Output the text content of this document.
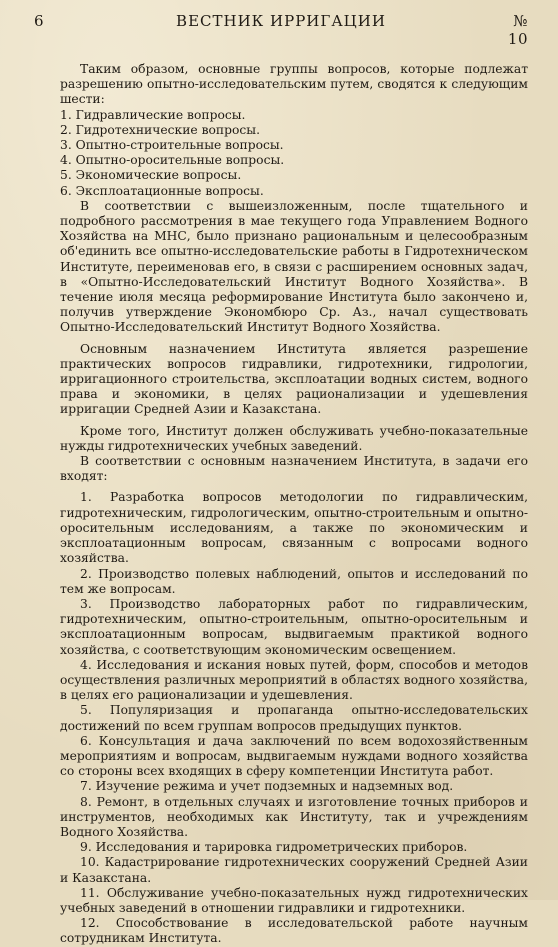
6	ВЕСТНИК ИРРИГАЦИИ	№ 10

Таким образом, основные группы вопросов, которые подлежат разрешению опытно-исследовательским путем, сводятся к следующим шести:

1. Гидравлические вопросы.
2. Гидротехнические вопросы.
3. Опытно-строительные вопросы.
4. Опытно-оросительные вопросы.
5. Экономические вопросы.
6. Эксплоатационные вопросы.

В соответствии с вышеизложенным, после тщательного и подробного рассмотрения в мае текущего года Управлением Водного Хозяйства на МНС, было признано рациональным и целесообразным об'единить все опытно-исследовательские работы в Гидротехническом Институте, переименовав его, в связи с расширением основных задач, в «Опытно-Исследовательский Институт Водного Хозяйства». В течение июля месяца реформирование Института было закончено и, получив утверждение Экономбюро Ср. Аз., начал существовать Опытно-Исследовательский Институт Водного Хозяйства.

Основным назначением Института является разрешение практических вопросов гидравлики, гидротехники, гидрологии, ирригационного строительства, эксплоатации водных систем, водного права и экономики, в целях рационализации и удешевления ирригации Средней Азии и Казакстана.

Кроме того, Институт должен обслуживать учебно-показательные нужды гидротехнических учебных заведений.

В соответствии с основным назначением Института, в задачи его входят:

1. Разработка вопросов методологии по гидравлическим, гидротехническим, гидрологическим, опытно-строительным и опытно-оросительным исследованиям, а также по экономическим и эксплоатационным вопросам, связанным с вопросами водного хозяйства.

2. Производство полевых наблюдений, опытов и исследований по тем же вопросам.

3. Производство лабораторных работ по гидравлическим, гидротехническим, опытно-строительным, опытно-оросительным и эксплоатационным вопросам, выдвигаемым практикой водного хозяйства, с соответствующим экономическим освещением.

4. Исследования и искания новых путей, форм, способов и методов осуществления различных мероприятий в областях водного хозяйства, в целях его рационализации и удешевления.

5. Популяризация и пропаганда опытно-исследовательских достижений по всем группам вопросов предыдущих пунктов.

6. Консультация и дача заключений по всем водохозяйственным мероприятиям и вопросам, выдвигаемым нуждами водного хозяйства со стороны всех входящих в сферу компетенции Института работ.

7. Изучение режима и учет подземных и надземных вод.

8. Ремонт, в отдельных случаях и изготовление точных приборов и инструментов, необходимых как Институту, так и учреждениям Водного Хозяйства.

9. Исследования и тарировка гидрометрических приборов.

10. Кадастрирование гидротехнических сооружений Средней Азии и Казакстана.

11. Обслуживание учебно-показательных нужд гидротехнических учебных заведений в отношении гидравлики и гидротехники.

12. Способствование в исследовательской работе научным сотрудникам Института.
